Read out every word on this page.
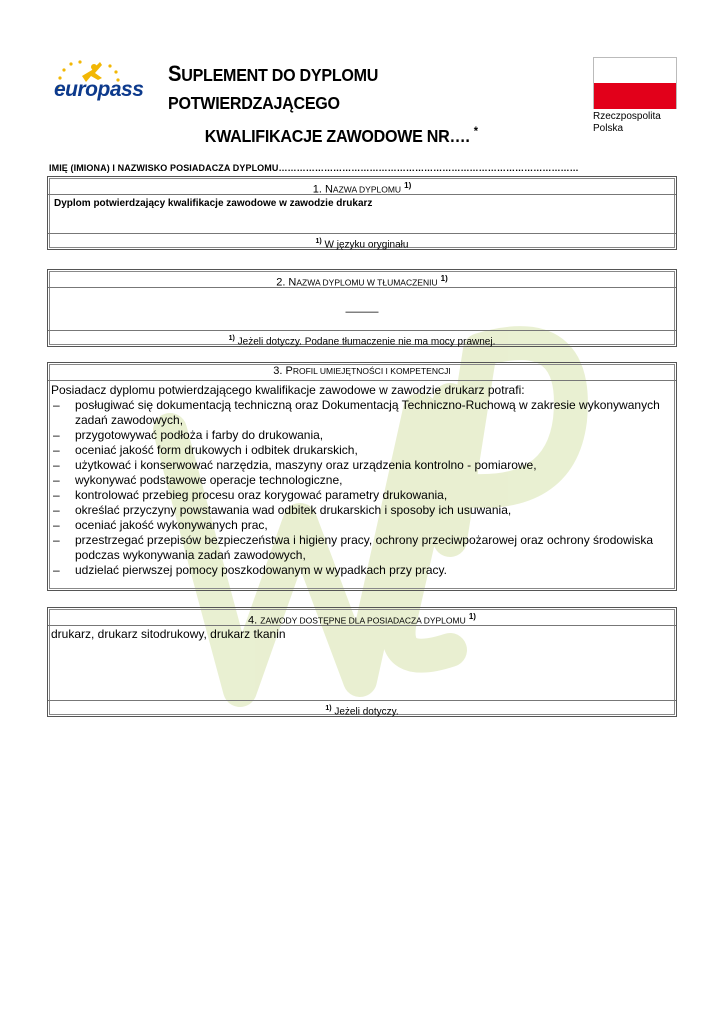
europass
SUPLEMENT DO DYPLOMU POTWIERDZAJĄCEGO
KWALIFIKACJE ZAWODOWE NR…. *
Rzeczpospolita
Polska
IMIĘ (IMIONA) I NAZWISKO POSIADACZA DYPLOMU………………………………………………………………………………………
1. NAZWA DYPLOMU $^{1)}$
Dyplom potwierdzający kwalifikacje zawodowe w zawodzie drukarz
$^{1)}$ W języku oryginału
2. NAZWA DYPLOMU W TŁUMACZENIU $^{1)}$
———
$^{1)}$ Jeżeli dotyczy. Podane tłumaczenie nie ma mocy prawnej.
3. PROFIL UMIEJĘTNOŚCI I KOMPETENCJI
Posiadacz dyplomu potwierdzającego kwalifikacje zawodowe w zawodzie drukarz potrafi:
– posługiwać się dokumentacją techniczną oraz Dokumentacją Techniczno-Ruchową w zakresie wykonywanych zadań zawodowych,
– przygotowywać podłoża i farby do drukowania,
– oceniać jakość form drukowych i odbitek drukarskich,
– użytkować i konserwować narzędzia, maszyny oraz urządzenia kontrolno - pomiarowe,
– wykonywać podstawowe operacje technologiczne,
– kontrolować przebieg procesu oraz korygować parametry drukowania,
– określać przyczyny powstawania wad odbitek drukarskich i sposoby ich usuwania,
– oceniać jakość wykonywanych prac,
– przestrzegać przepisów bezpieczeństwa i higieny pracy, ochrony przeciwpożarowej oraz ochrony środowiska podczas wykonywania zadań zawodowych,
– udzielać pierwszej pomocy poszkodowanym w wypadkach przy pracy.
4. ZAWODY DOSTĘPNE DLA POSIADACZA DYPLOMU $^{1)}$
drukarz, drukarz sitodrukowy, drukarz tkanin
$^{1)}$ Jeżeli dotyczy.
